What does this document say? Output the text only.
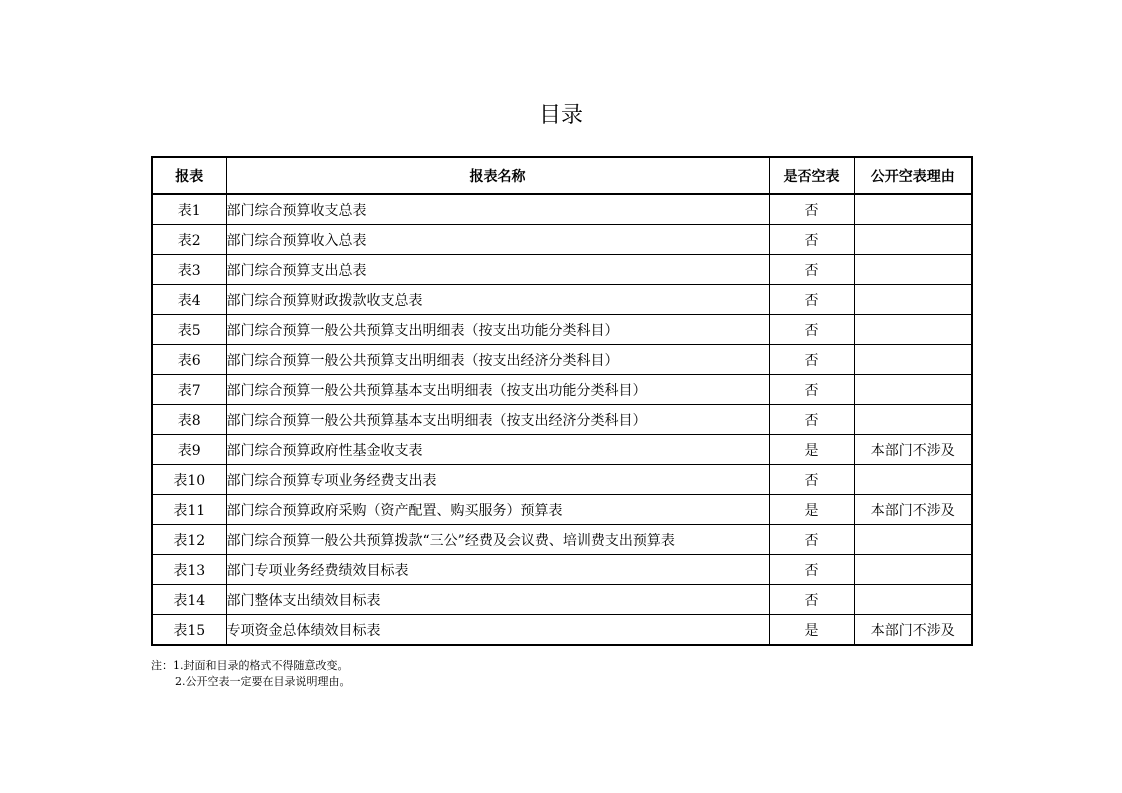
目录
报表	报表名称	是否空表	公开空表理由
表1	部门综合预算收支总表	否	
表2	部门综合预算收入总表	否	
表3	部门综合预算支出总表	否	
表4	部门综合预算财政拨款收支总表	否	
表5	部门综合预算一般公共预算支出明细表（按支出功能分类科目）	否	
表6	部门综合预算一般公共预算支出明细表（按支出经济分类科目）	否	
表7	部门综合预算一般公共预算基本支出明细表（按支出功能分类科目）	否	
表8	部门综合预算一般公共预算基本支出明细表（按支出经济分类科目）	否	
表9	部门综合预算政府性基金收支表	是	本部门不涉及
表10	部门综合预算专项业务经费支出表	否	
表11	部门综合预算政府采购（资产配置、购买服务）预算表	是	本部门不涉及
表12	部门综合预算一般公共预算拨款“三公”经费及会议费、培训费支出预算表	否	
表13	部门专项业务经费绩效目标表	否	
表14	部门整体支出绩效目标表	否	
表15	专项资金总体绩效目标表	是	本部门不涉及
注：1.封面和目录的格式不得随意改变。
2.公开空表一定要在目录说明理由。
